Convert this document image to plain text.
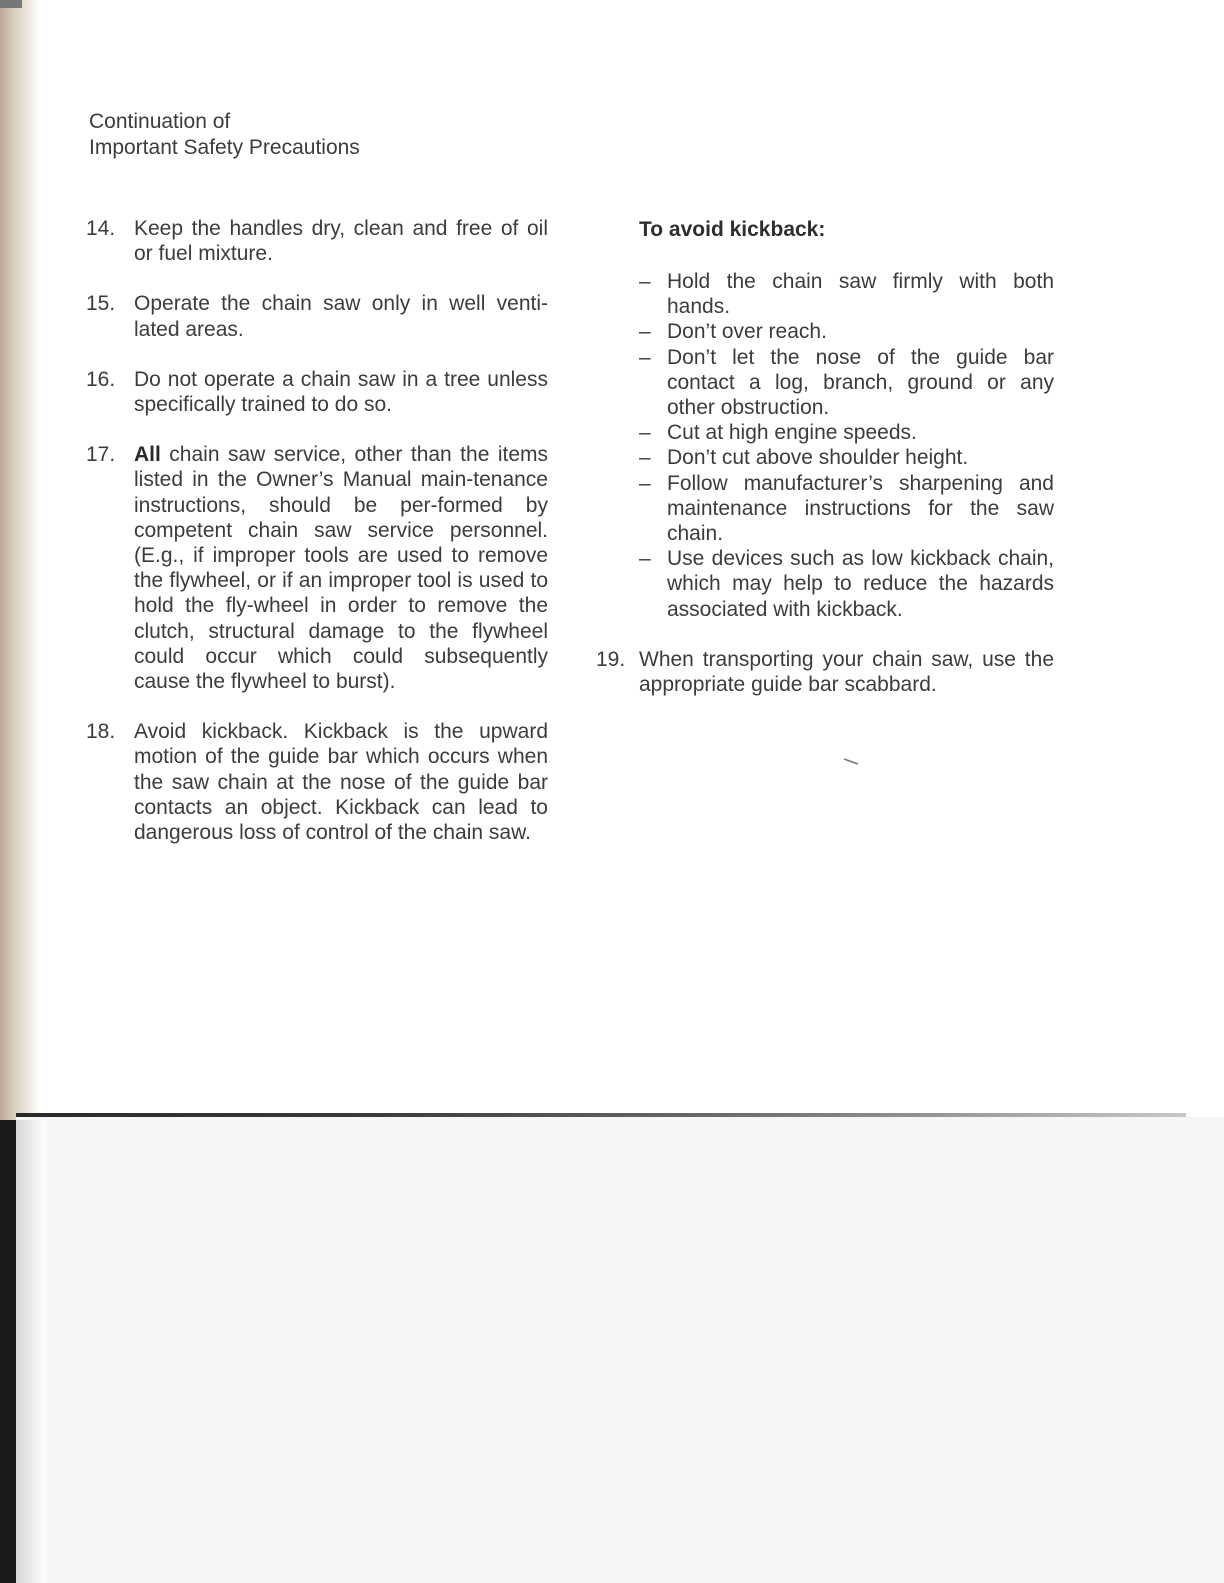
Continuation of
Important Safety Precautions
14. Keep the handles dry, clean and free of oil or fuel mixture.
15. Operate the chain saw only in well venti-lated areas.
16. Do not operate a chain saw in a tree unless specifically trained to do so.
17. All chain saw service, other than the items listed in the Owner’s Manual main-tenance instructions, should be per-formed by competent chain saw service personnel. (E.g., if improper tools are used to remove the flywheel, or if an improper tool is used to hold the fly-wheel in order to remove the clutch, structural damage to the flywheel could occur which could subsequently cause the flywheel to burst).
18. Avoid kickback. Kickback is the upward motion of the guide bar which occurs when the saw chain at the nose of the guide bar contacts an object. Kickback can lead to dangerous loss of control of the chain saw.
To avoid kickback:
– Hold the chain saw firmly with both hands.
– Don’t over reach.
– Don’t let the nose of the guide bar contact a log, branch, ground or any other obstruction.
– Cut at high engine speeds.
– Don’t cut above shoulder height.
– Follow manufacturer’s sharpening and maintenance instructions for the saw chain.
– Use devices such as low kickback chain, which may help to reduce the hazards associated with kickback.
19. When transporting your chain saw, use the appropriate guide bar scabbard.
